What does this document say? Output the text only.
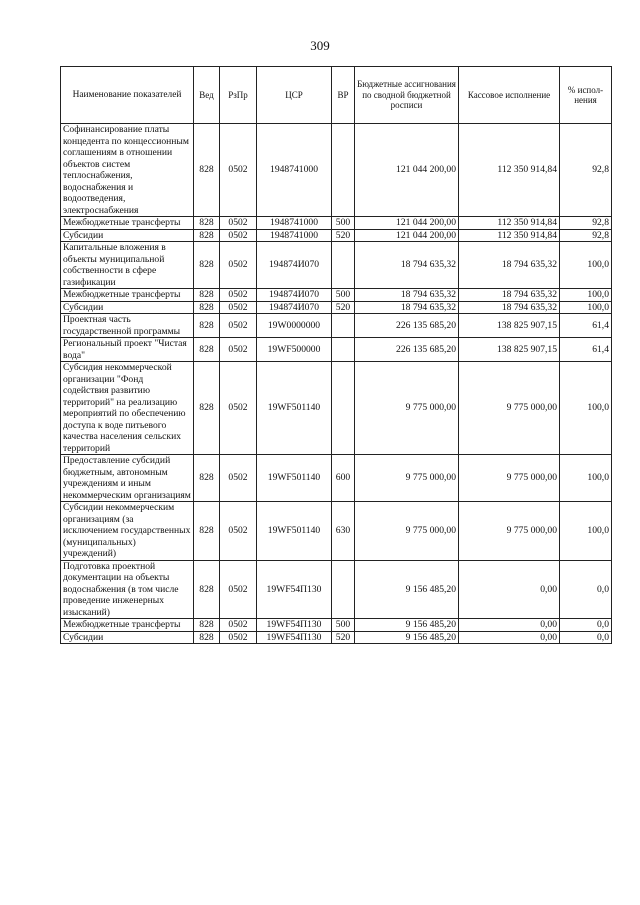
309
Наименование показателей	Вед	РзПр	ЦСР	ВР	Бюджетные ассигнования по сводной бюджетной росписи	Кассовое исполнение	% испол-нения
Софинансирование платы концедента по концессионным соглашениям в отношении объектов систем теплоснабжения, водоснабжения и водоотведения, электроснабжения	828	0502	1948741000		121 044 200,00	112 350 914,84	92,8
Межбюджетные трансферты	828	0502	1948741000	500	121 044 200,00	112 350 914,84	92,8
Субсидии	828	0502	1948741000	520	121 044 200,00	112 350 914,84	92,8
Капитальные вложения в объекты муниципальной собственности в сфере газификации	828	0502	194874И070		18 794 635,32	18 794 635,32	100,0
Межбюджетные трансферты	828	0502	194874И070	500	18 794 635,32	18 794 635,32	100,0
Субсидии	828	0502	194874И070	520	18 794 635,32	18 794 635,32	100,0
Проектная часть государственной программы	828	0502	19W0000000		226 135 685,20	138 825 907,15	61,4
Региональный проект "Чистая вода"	828	0502	19WF500000		226 135 685,20	138 825 907,15	61,4
Субсидия некоммерческой организации "Фонд содействия развитию территорий" на реализацию мероприятий по обеспечению доступа к воде питьевого качества населения сельских территорий	828	0502	19WF501140		9 775 000,00	9 775 000,00	100,0
Предоставление субсидий бюджетным, автономным учреждениям и иным некоммерческим организациям	828	0502	19WF501140	600	9 775 000,00	9 775 000,00	100,0
Субсидии некоммерческим организациям (за исключением государственных (муниципальных) учреждений)	828	0502	19WF501140	630	9 775 000,00	9 775 000,00	100,0
Подготовка проектной документации на объекты водоснабжения (в том числе проведение инженерных изысканий)	828	0502	19WF54П130		9 156 485,20	0,00	0,0
Межбюджетные трансферты	828	0502	19WF54П130	500	9 156 485,20	0,00	0,0
Субсидии	828	0502	19WF54П130	520	9 156 485,20	0,00	0,0
